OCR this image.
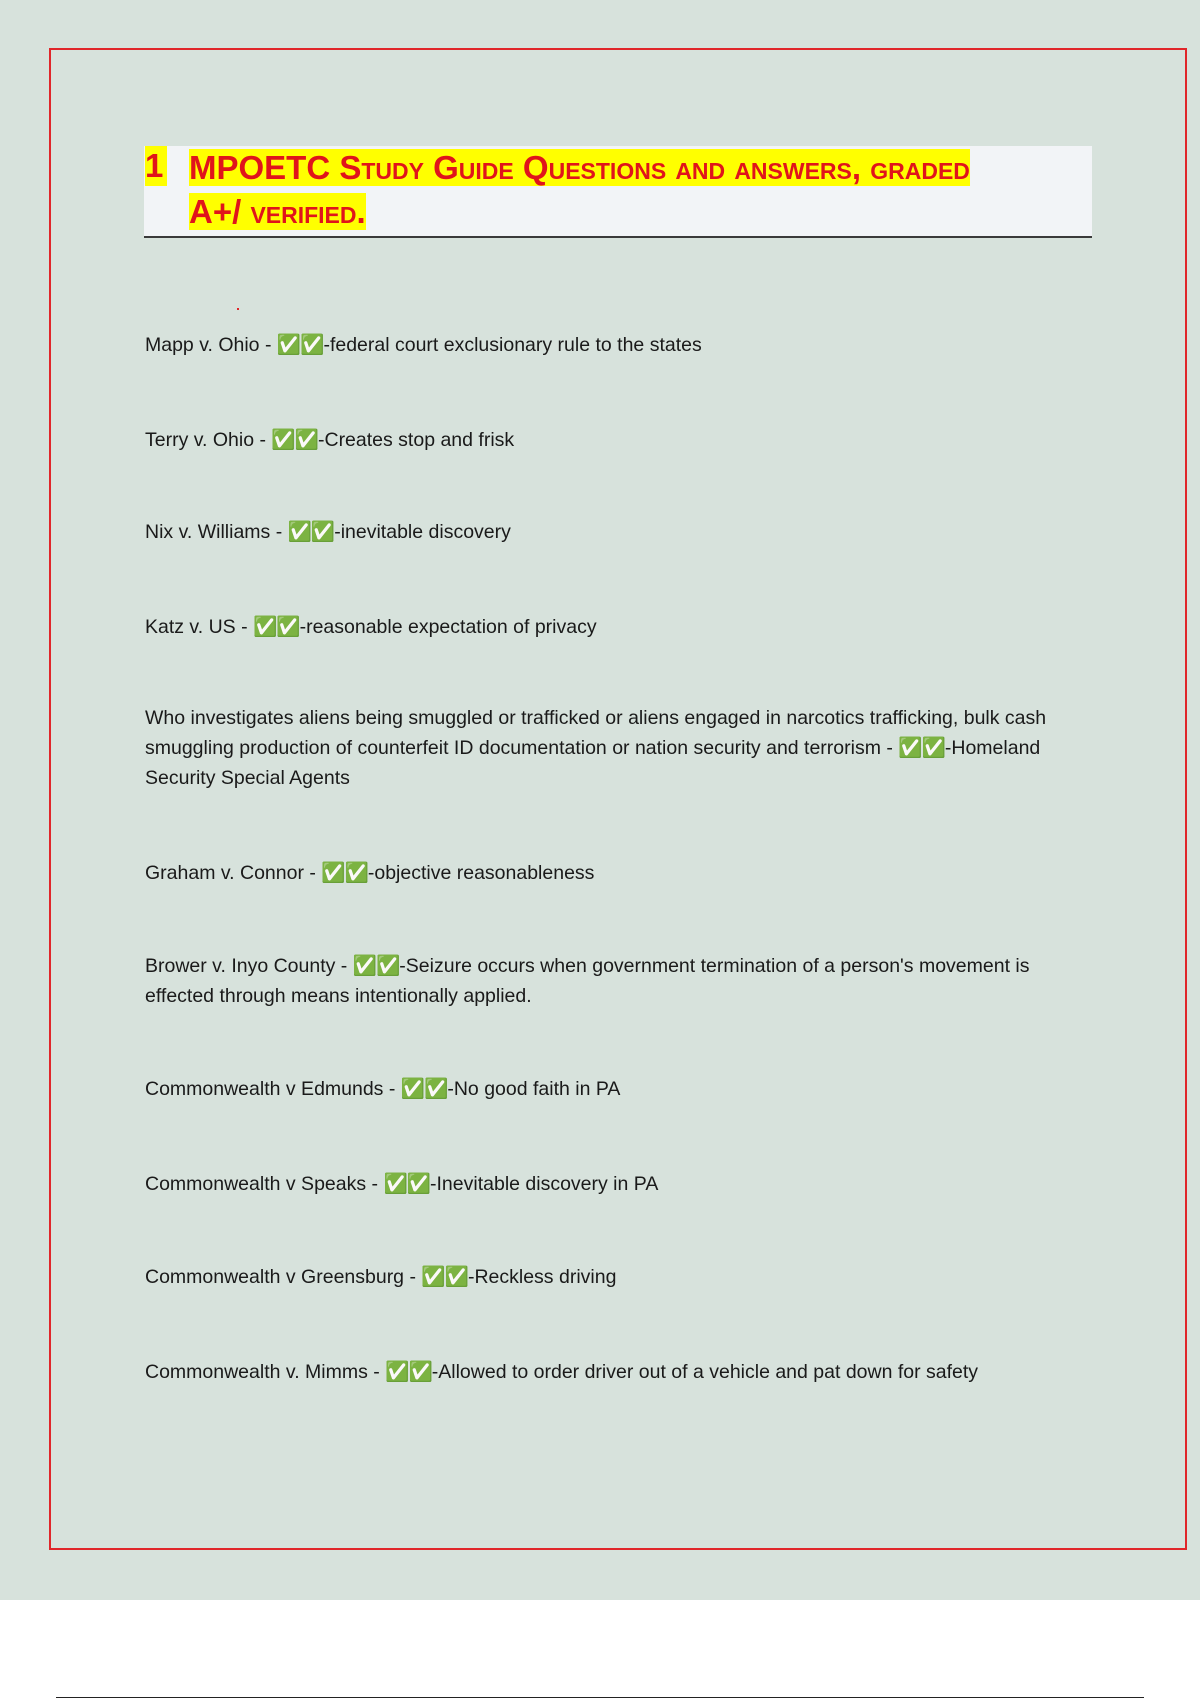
1 MPOETC Study Guide Questions and answers, graded A+/ verified.
Mapp v. Ohio - ✅✅-federal court exclusionary rule to the states
Terry v. Ohio - ✅✅-Creates stop and frisk
Nix v. Williams - ✅✅-inevitable discovery
Katz v. US - ✅✅-reasonable expectation of privacy
Who investigates aliens being smuggled or trafficked or aliens engaged in narcotics trafficking, bulk cash smuggling production of counterfeit ID documentation or nation security and terrorism - ✅✅-Homeland Security Special Agents
Graham v. Connor - ✅✅-objective reasonableness
Brower v. Inyo County - ✅✅-Seizure occurs when government termination of a person's movement is effected through means intentionally applied.
Commonwealth v Edmunds - ✅✅-No good faith in PA
Commonwealth v Speaks - ✅✅-Inevitable discovery in PA
Commonwealth v Greensburg - ✅✅-Reckless driving
Commonwealth v. Mimms - ✅✅-Allowed to order driver out of a vehicle and pat down for safety
